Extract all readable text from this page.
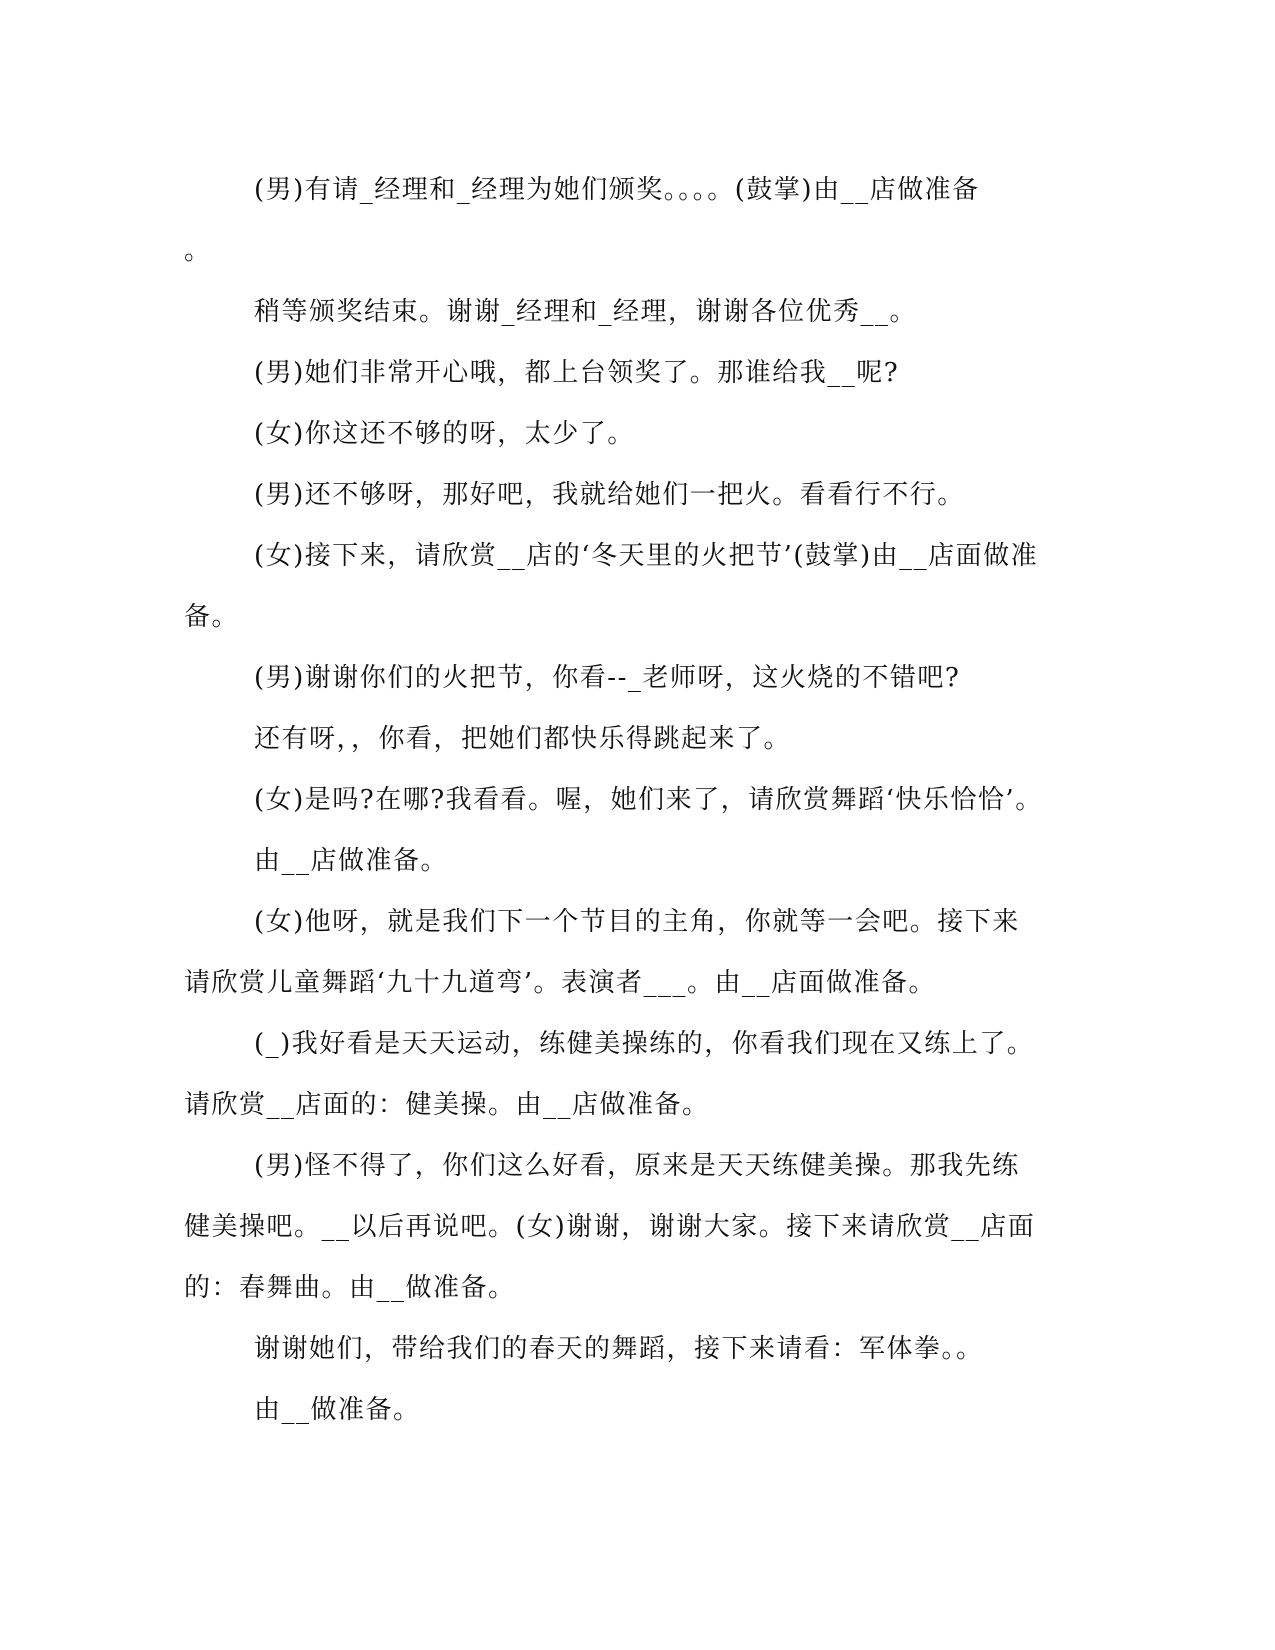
(男)有请_经理和_经理为她们颁奖。。。。(鼓掌)由__店做准备
。
稍等颁奖结束。谢谢_经理和_经理，谢谢各位优秀__。
(男)她们非常开心哦，都上台领奖了。那谁给我__呢?
(女)你这还不够的呀，太少了。
(男)还不够呀，那好吧，我就给她们一把火。看看行不行。
(女)接下来，请欣赏__店的‘冬天里的火把节’(鼓掌)由__店面做准
备。
(男)谢谢你们的火把节，你看--_老师呀，这火烧的不错吧?
还有呀，，你看，把她们都快乐得跳起来了。
(女)是吗?在哪?我看看。喔，她们来了，请欣赏舞蹈‘快乐恰恰’。
由__店做准备。
(女)他呀，就是我们下一个节目的主角，你就等一会吧。接下来
请欣赏儿童舞蹈‘九十九道弯’。表演者___。由__店面做准备。
(_)我好看是天天运动，练健美操练的，你看我们现在又练上了。
请欣赏__店面的：健美操。由__店做准备。
(男)怪不得了，你们这么好看，原来是天天练健美操。那我先练
健美操吧。__以后再说吧。(女)谢谢，谢谢大家。接下来请欣赏__店面
的：春舞曲。由__做准备。
谢谢她们，带给我们的春天的舞蹈，接下来请看：军体拳。。
由__做准备。
